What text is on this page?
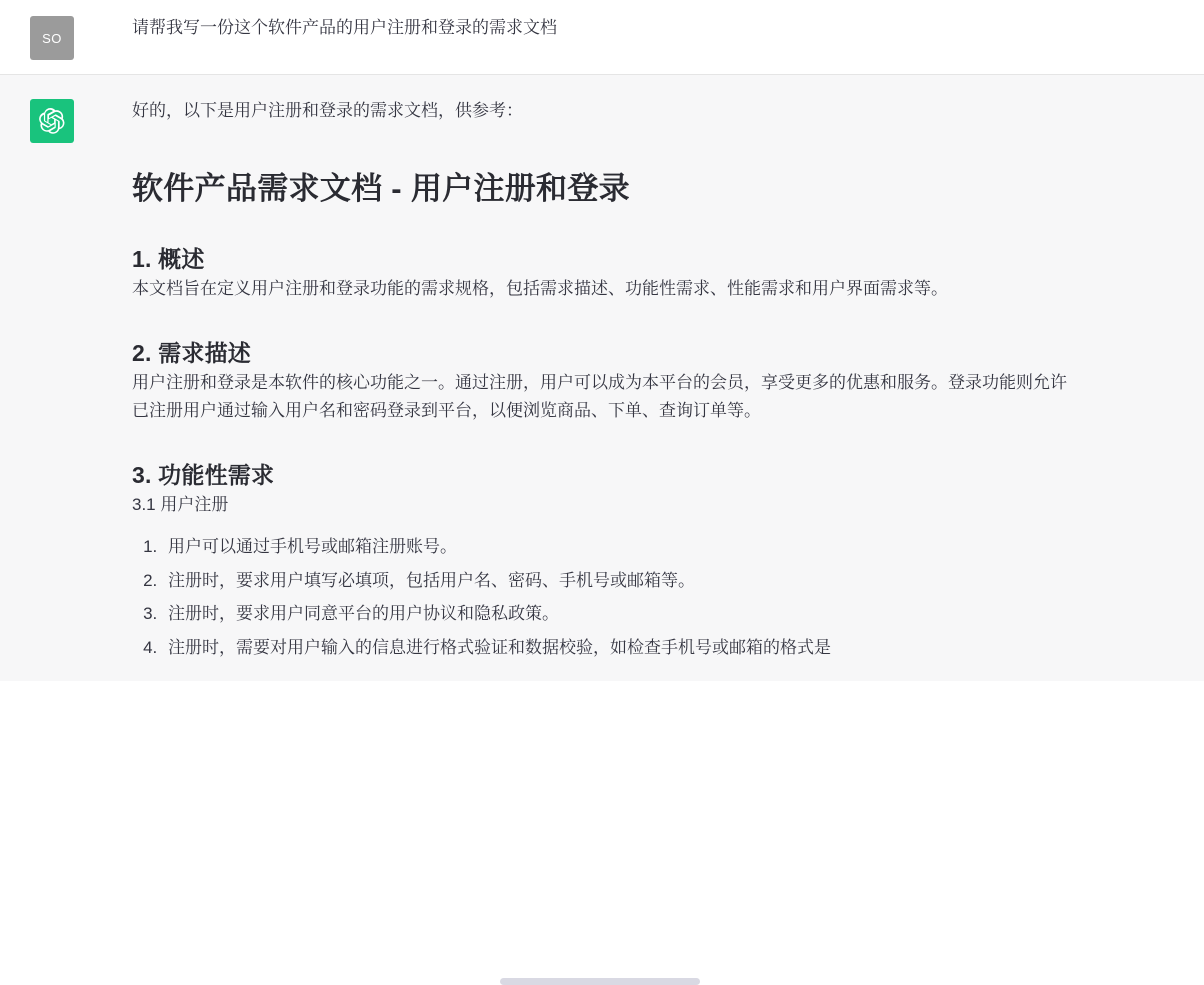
SO

请帮我写一份这个软件产品的用户注册和登录的需求文档

好的，以下是用户注册和登录的需求文档，供参考：

软件产品需求文档 - 用户注册和登录
1. 概述

本文档旨在定义用户注册和登录功能的需求规格，包括需求描述、功能性需求、性能需求和用户界面需求等。

2. 需求描述

用户注册和登录是本软件的核心功能之一。通过注册，用户可以成为本平台的会员，享受更多的优惠和服务。登录功能则允许已注册用户通过输入用户名和密码登录到平台，以便浏览商品、下单、查询订单等。

3. 功能性需求

3.1 用户注册

1. 用户可以通过手机号或邮箱注册账号。
2. 注册时，要求用户填写必填项，包括用户名、密码、手机号或邮箱等。
3. 注册时，要求用户同意平台的用户协议和隐私政策。
4. 注册时，需要对用户输入的信息进行格式验证和数据校验，如检查手机号或邮箱的格式是
